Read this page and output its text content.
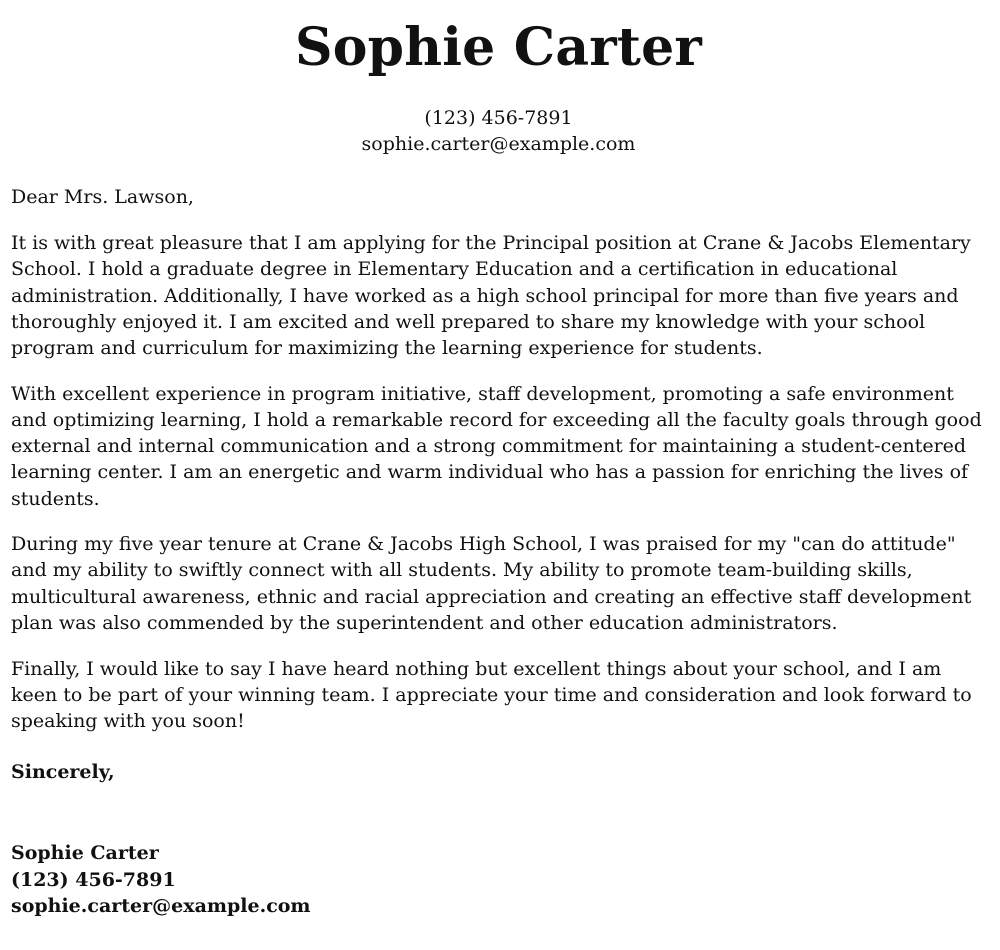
Sophie Carter
(123) 456-7891
sophie.carter@example.com

Dear Mrs. Lawson,

It is with great pleasure that I am applying for the Principal position at Crane & Jacobs Elementary School. I hold a graduate degree in Elementary Education and a certification in educational administration. Additionally, I have worked as a high school principal for more than five years and thoroughly enjoyed it. I am excited and well prepared to share my knowledge with your school program and curriculum for maximizing the learning experience for students.

With excellent experience in program initiative, staff development, promoting a safe environment and optimizing learning, I hold a remarkable record for exceeding all the faculty goals through good external and internal communication and a strong commitment for maintaining a student-centered learning center. I am an energetic and warm individual who has a passion for enriching the lives of students.

During my five year tenure at Crane & Jacobs High School, I was praised for my "can do attitude" and my ability to swiftly connect with all students. My ability to promote team-building skills, multicultural awareness, ethnic and racial appreciation and creating an effective staff development plan was also commended by the superintendent and other education administrators.

Finally, I would like to say I have heard nothing but excellent things about your school, and I am keen to be part of your winning team. I appreciate your time and consideration and look forward to speaking with you soon!

Sincerely,

Sophie Carter
(123) 456-7891
sophie.carter@example.com
